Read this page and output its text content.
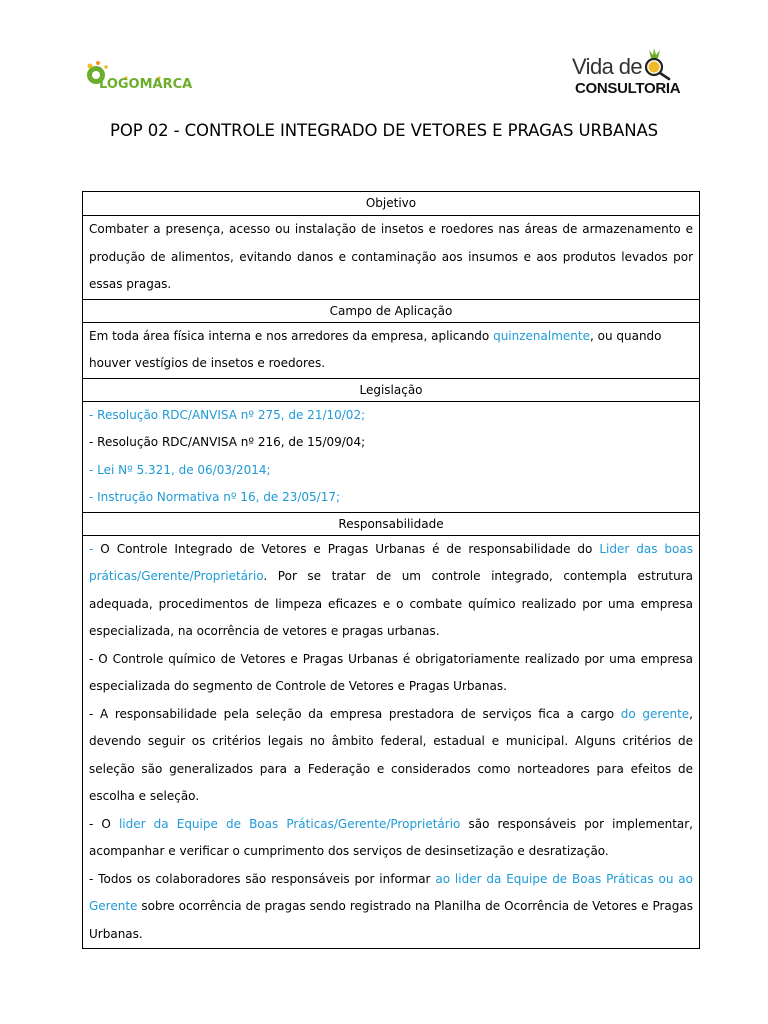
LOGOMARCA
Vida de
CONSULTORIA
POP 02 - CONTROLE INTEGRADO DE VETORES E PRAGAS URBANAS
Objetivo
Combater a presença, acesso ou instalação de insetos e roedores nas áreas de armazenamento e produção de alimentos, evitando danos e contaminação aos insumos e aos produtos levados por essas pragas.
Campo de Aplicação
Em toda área física interna e nos arredores da empresa, aplicando quinzenalmente, ou quando houver vestígios de insetos e roedores.
Legislação
- Resolução RDC/ANVISA nº 275, de 21/10/02;
- Resolução RDC/ANVISA nº 216, de 15/09/04;
- Lei Nº 5.321, de 06/03/2014;
- Instrução Normativa nº 16, de 23/05/17;
Responsabilidade
- O Controle Integrado de Vetores e Pragas Urbanas é de responsabilidade do Lider das boas práticas/Gerente/Proprietário. Por se tratar de um controle integrado, contempla estrutura adequada, procedimentos de limpeza eficazes e o combate químico realizado por uma empresa especializada, na ocorrência de vetores e pragas urbanas.
- O Controle químico de Vetores e Pragas Urbanas é obrigatoriamente realizado por uma empresa especializada do segmento de Controle de Vetores e Pragas Urbanas.
- A responsabilidade pela seleção da empresa prestadora de serviços fica a cargo do gerente, devendo seguir os critérios legais no âmbito federal, estadual e municipal. Alguns critérios de seleção são generalizados para a Federação e considerados como norteadores para efeitos de escolha e seleção.
- O lider da Equipe de Boas Práticas/Gerente/Proprietário são responsáveis por implementar, acompanhar e verificar o cumprimento dos serviços de desinsetização e desratização.
- Todos os colaboradores são responsáveis por informar ao lider da Equipe de Boas Práticas ou ao Gerente sobre ocorrência de pragas sendo registrado na Planilha de Ocorrência de Vetores e Pragas Urbanas.
